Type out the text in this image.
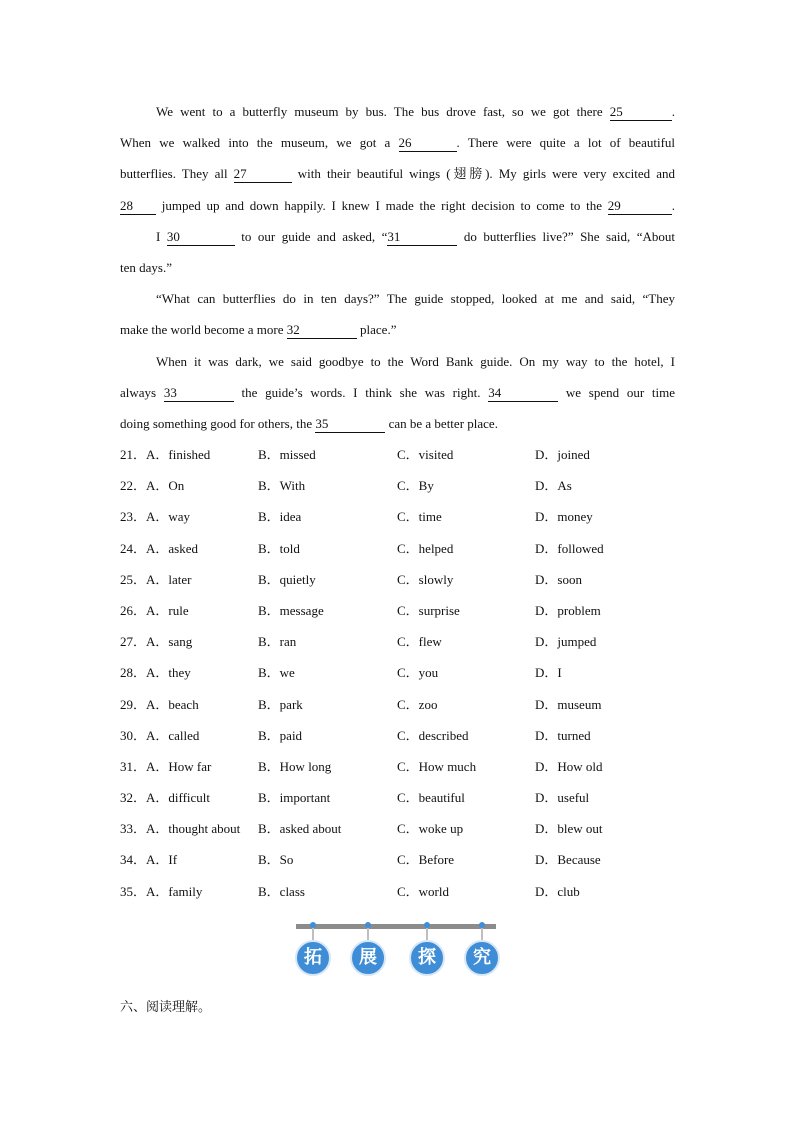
We went to a butterfly museum by bus. The bus drove fast, so we got there 25	.
When we walked into the museum, we got a 26	. There were quite a lot of beautiful
butterflies. They all 27	with their beautiful wings (翅膀). My girls were very excited and
28 jumped up and down happily. I knew I made the right decision to come to the 29	.
I 30	to our guide and asked, “31	do butterflies live?” She said, “About
ten days.”
“What can butterflies do in ten days?” The guide stopped, looked at me and said, “They
make the world become a more 32	place.”
When it was dark, we said goodbye to the Word Bank guide. On my way to the hotel, I
always 33	the guide’s words. I think she was right. 34	we spend our time
doing something good for others, the 35	can be a better place.
21．A．finished	B．missed	C．visited	D．joined
22．A．On	B．With	C．By	D．As
23．A．way	B．idea	C．time	D．money
24．A．asked	B．told	C．helped	D．followed
25．A．later	B．quietly	C．slowly	D．soon
26．A．rule	B．message	C．surprise	D．problem
27．A．sang	B．ran	C．flew	D．jumped
28．A．they	B．we	C．you	D．I
29．A．beach	B．park	C．zoo	D．museum
30．A．called	B．paid	C．described	D．turned
31．A．How far	B．How long	C．How much	D．How old
32．A．difficult	B．important	C．beautiful	D．useful
33．A．thought about B．asked about	C．woke up	D．blew out
34．A．If	B．So	C．Before	D．Because
35．A．family	B．class	C．world	D．club
拓	展	探	究
六、阅读理解。
